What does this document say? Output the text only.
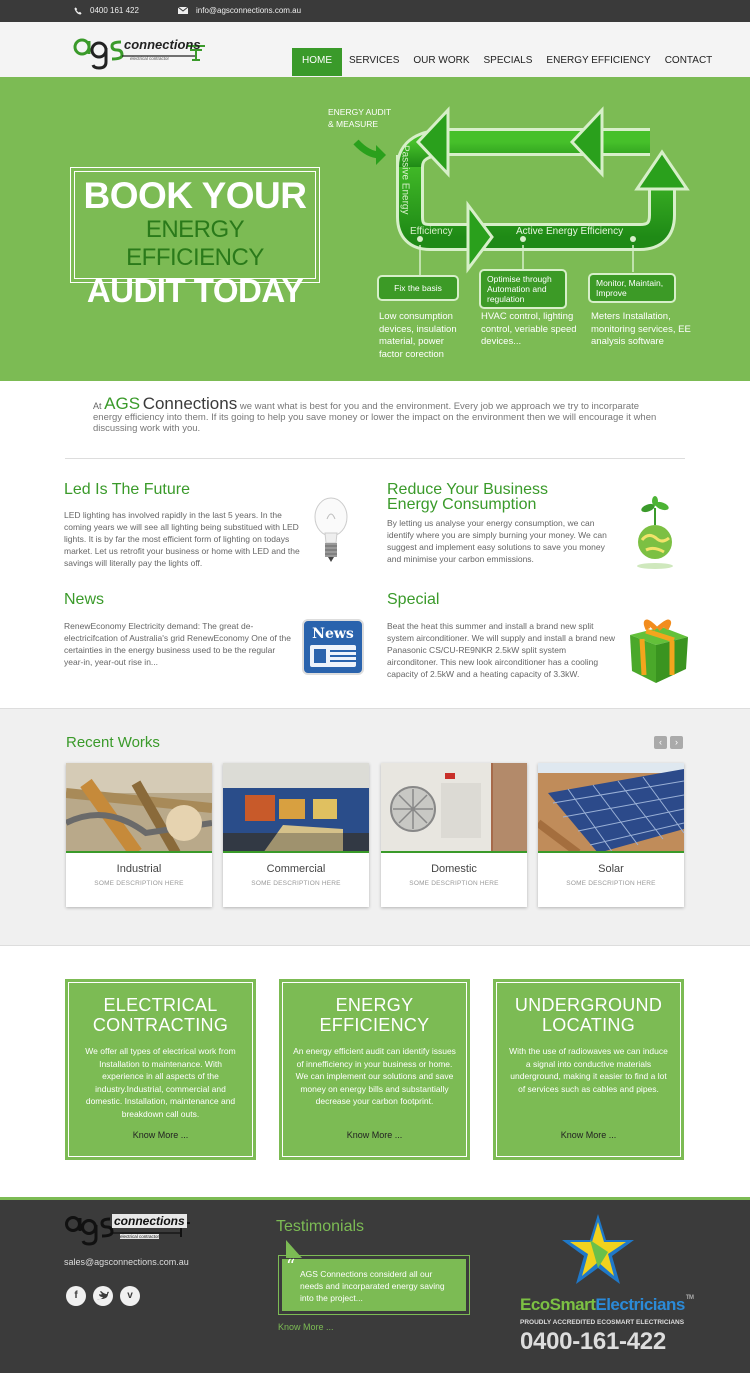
0400 161 422	info@agsconnections.com.au
connections
electrical contractor	HOME	SERVICES	OUR WORK	SPECIALS	ENERGY EFFICIENCY	CONTACT
BOOK YOUR
ENERGY EFFICIENCY
AUDIT TODAY
ENERGY AUDIT
& MEASURE
Passive Energy
Efficiency	Active Energy Efficiency
Fix the basis
Optimise through Automation and regulation
Monitor, Maintain, Improve
Low consumption devices, insulation material, power factor corection
HVAC control, lighting control, veriable speed devices...
Meters Installation, monitoring services, EE analysis software
At AGS Connections we want what is best for you and the environment. Every job we approach we try to incorparate energy efficiency into them. If its going to help you save money or lower the impact on the environment then we will encourage it when discussing work with you.
Led Is The Future
LED lighting has involved rapidly in the last 5 years. In the coming years we will see all lighting being substitued with LED lights. It is by far the most efficient form of lighting on todays market. Let us retrofit your business or home with LED and the savings will literally pay the lights off.
Reduce Your Business Energy Consumption
By letting us analyse your energy consumption, we can identify where you are simply burning your money. We can suggest and implement easy solutions to save you money and minimise your carbon emmissions.
News
RenewEconomy Electricity demand: The great de-electricifcation of Australia's grid RenewEconomy One of the certainties in the energy business used to be the regular year-in, year-out rise in...
News
Special
Beat the heat this summer and install a brand new split system airconditioner. We will supply and install a brand new Panasonic CS/CU-RE9NKR 2.5kW split system airconditoner. This new look airconditioner has a cooling capacity of 2.5kW and a heating capacity of 3.3kW.
Recent Works	‹	›
Industrial
SOME DESCRIPTION HERE
Commercial
SOME DESCRIPTION HERE
Domestic
SOME DESCRIPTION HERE
Solar
SOME DESCRIPTION HERE
ELECTRICAL
CONTRACTING

We offer all types of electrical work from Installation to maintenance. With experience in all aspects of the industry.Industrial, commercial and domestic. Installation, maintenance and breakdown call outs.

Know More ...
ENERGY
EFFICIENCY

An energy efficient audit can identify issues of innefficiency in your business or home. We can implement our solutions and save money on energy bills and substantially decrease your carbon footprint.

Know More ...
UNDERGROUND
LOCATING

With the use of radiowaves we can induce a signal into conductive materials underground, making it easier to find a lot of services such as cables and pipes.

Know More ...
connections
electrical contractor
sales@agsconnections.com.au
f	v
Testimonials
“ AGS Connections considerd all our needs and incorparated energy saving into the project...
Know More ...
EcoSmartElectricians™
PROUDLY ACCREDITED ECOSMART ELECTRICIANS
0400-161-422
